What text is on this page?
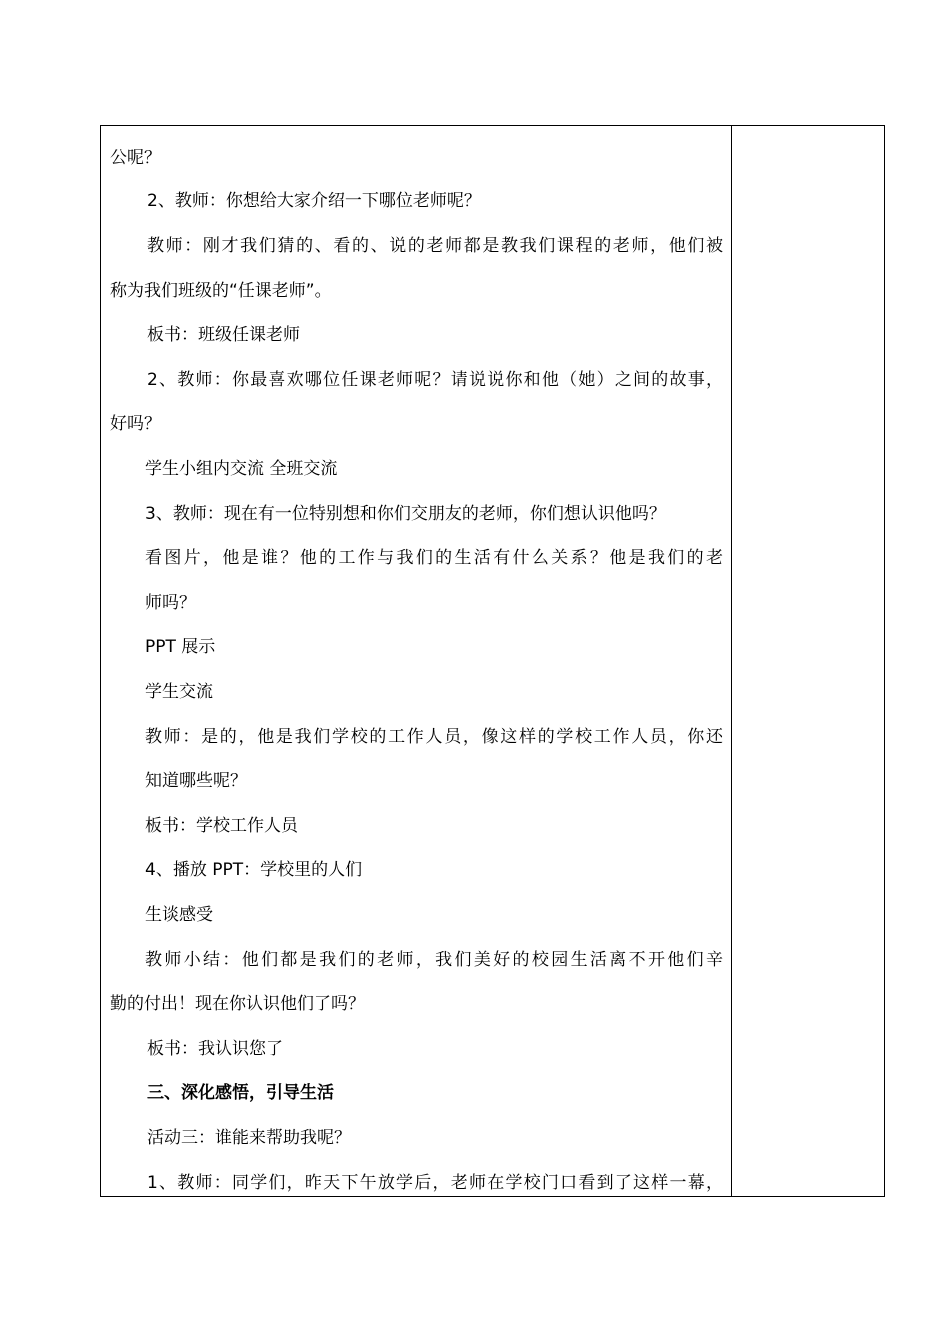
公呢？
2、教师：你想给大家介绍一下哪位老师呢？
教师：刚才我们猜的、看的、说的老师都是教我们课程的老师，他们被
称为我们班级的“任课老师”。
板书：班级任课老师
2、教师：你最喜欢哪位任课老师呢？请说说你和他（她）之间的故事，
好吗？
学生小组内交流 全班交流
3、教师：现在有一位特别想和你们交朋友的老师，你们想认识他吗？
看图片，他是谁？他的工作与我们的生活有什么关系？他是我们的老
师吗？
PPT 展示
学生交流
教师：是的，他是我们学校的工作人员，像这样的学校工作人员，你还
知道哪些呢？
板书：学校工作人员
4、播放 PPT：学校里的人们
生谈感受
教师小结：他们都是我们的老师，我们美好的校园生活离不开他们辛
勤的付出！现在你认识他们了吗？
板书：我认识您了
三、深化感悟，引导生活
活动三：谁能来帮助我呢？
1、教师：同学们，昨天下午放学后，老师在学校门口看到了这样一幕，
